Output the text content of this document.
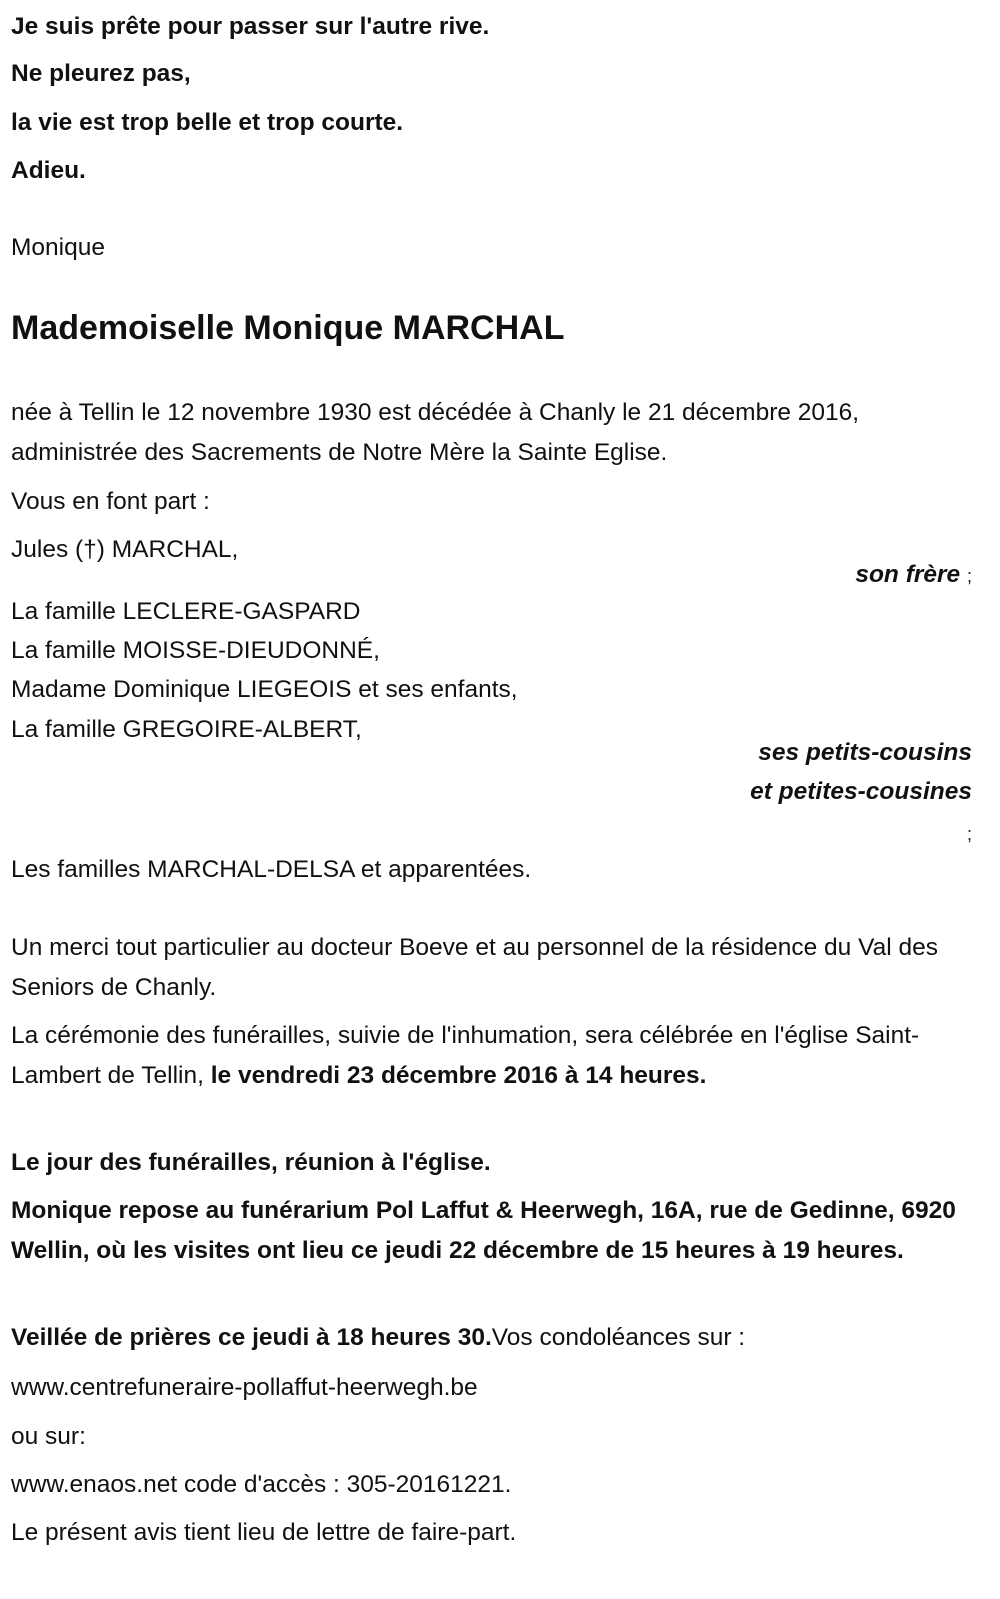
Je suis prête pour passer sur l'autre rive.
Ne pleurez pas,
la vie est trop belle et trop courte.
Adieu.
Monique
Mademoiselle Monique MARCHAL
née à Tellin le 12 novembre 1930 est décédée à Chanly le 21 décembre 2016, administrée des Sacrements de Notre Mère la Sainte Eglise.
Vous en font part :
Jules (†) MARCHAL,
son frère ;
La famille LECLERE-GASPARD
La famille MOISSE-DIEUDONNÉ,
Madame Dominique LIEGEOIS et ses enfants,
La famille GREGOIRE-ALBERT,
ses petits-cousins
et petites-cousines
;
Les familles MARCHAL-DELSA et apparentées.
Un merci tout particulier au docteur Boeve et au personnel de la résidence du Val des Seniors de Chanly.
La cérémonie des funérailles, suivie de l'inhumation, sera célébrée en l'église Saint-Lambert de Tellin, le vendredi 23 décembre 2016 à 14 heures.
Le jour des funérailles, réunion à l'église.
Monique repose au funérarium Pol Laffut & Heerwegh, 16A, rue de Gedinne, 6920 Wellin, où les visites ont lieu ce jeudi 22 décembre de 15 heures à 19 heures.
Veillée de prières ce jeudi à 18 heures 30.Vos condoléances sur :
www.centrefuneraire-pollaffut-heerwegh.be
ou sur:
www.enaos.net code d'accès : 305-20161221.
Le présent avis tient lieu de lettre de faire-part.
